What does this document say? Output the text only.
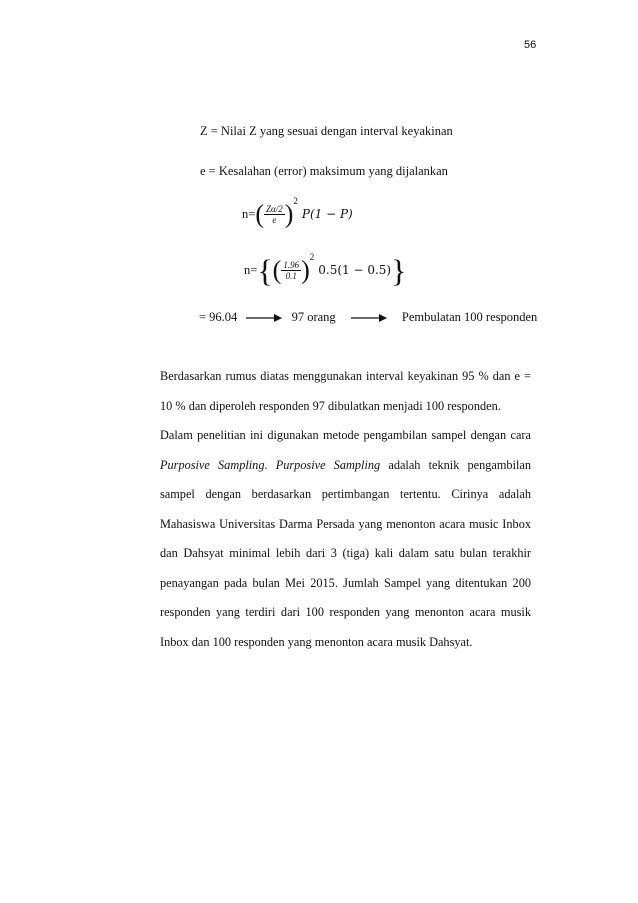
56
Z = Nilai Z yang sesuai dengan interval keyakinan
e = Kesalahan (error) maksimum yang dijalankan
$n=( \frac{Z\alpha/2}{e} )^2$ P(1 − P)
$n=\{( \frac{1.96}{0.1} )^2$ 0.5(1 − 0.5)}
= 96.04	97 orang	Pembulatan 100 responden

Berdasarkan rumus diatas menggunakan interval keyakinan 95 % dan e =

10 % dan diperoleh responden 97 dibulatkan menjadi 100 responden.

Dalam penelitian ini digunakan metode pengambilan sampel dengan cara Purposive Sampling. Purposive Sampling adalah teknik pengambilan sampel dengan berdasarkan pertimbangan tertentu. Cirinya adalah Mahasiswa Universitas Darma Persada yang menonton acara music Inbox dan Dahsyat minimal lebih dari 3 (tiga) kali dalam satu bulan terakhir penayangan pada bulan Mei 2015. Jumlah Sampel yang ditentukan 200 responden yang terdiri dari 100 responden yang menonton acara musik Inbox dan 100 responden yang menonton acara musik Dahsyat.
